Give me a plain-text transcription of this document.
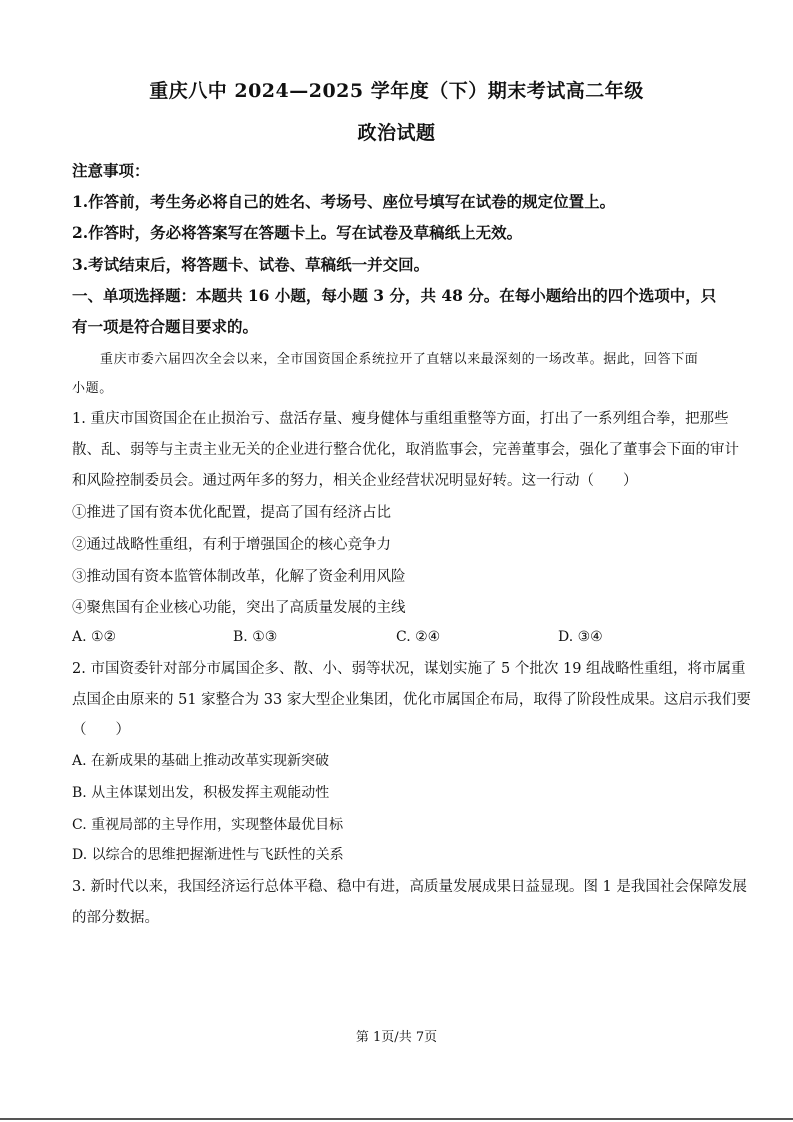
重庆八中 2024—2025 学年度（下）期末考试高二年级
政治试题
注意事项：
1.作答前，考生务必将自己的姓名、考场号、座位号填写在试卷的规定位置上。
2.作答时，务必将答案写在答题卡上。写在试卷及草稿纸上无效。
3.考试结束后，将答题卡、试卷、草稿纸一并交回。
一、单项选择题：本题共 16 小题，每小题 3 分，共 48 分。在每小题给出的四个选项中，只
有一项是符合题目要求的。
重庆市委六届四次全会以来，全市国资国企系统拉开了直辖以来最深刻的一场改革。据此，回答下面
小题。
1. 重庆市国资国企在止损治亏、盘活存量、瘦身健体与重组重整等方面，打出了一系列组合拳，把那些
散、乱、弱等与主责主业无关的企业进行整合优化，取消监事会，完善董事会，强化了董事会下面的审计
和风险控制委员会。通过两年多的努力，相关企业经营状况明显好转。这一行动（　　）
①推进了国有资本优化配置，提高了国有经济占比
②通过战略性重组，有利于增强国企的核心竞争力
③推动国有资本监管体制改革，化解了资金利用风险
④聚焦国有企业核心功能，突出了高质量发展的主线
A. ①②	B. ①③	C. ②④	D. ③④
2. 市国资委针对部分市属国企多、散、小、弱等状况，谋划实施了 5 个批次 19 组战略性重组，将市属重
点国企由原来的 51 家整合为 33 家大型企业集团，优化市属国企布局，取得了阶段性成果。这启示我们要
（　　）
A. 在新成果的基础上推动改革实现新突破
B. 从主体谋划出发，积极发挥主观能动性
C. 重视局部的主导作用，实现整体最优目标
D. 以综合的思维把握渐进性与飞跃性的关系
3. 新时代以来，我国经济运行总体平稳、稳中有进，高质量发展成果日益显现。图 1 是我国社会保障发展
的部分数据。
第 1页/共 7页
